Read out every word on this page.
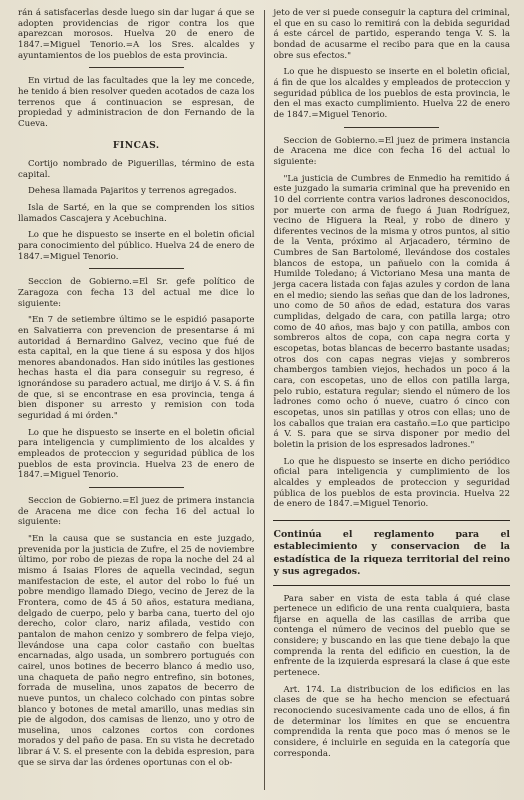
rán á satisfacerlas desde luego sin dar lugar á que se adopten providencias de rigor contra los que aparezcan morosos. Huelva 20 de enero de 1847.=Miguel Tenorio.=A los Sres. alcaldes y ayuntamientos de los pueblos de esta provincia.

En virtud de las facultades que la ley me concede, he tenido á bien resolver queden acotados de caza los terrenos que á continuacion se espresan, de propiedad y administracion de don Fernando de la Cueva.

FINCAS.

Cortijo nombrado de Piguerillas, término de esta capital.

Dehesa llamada Pajaritos y terrenos agregados.

Isla de Sarté, en la que se comprenden los sitios llamados Cascajera y Acebuchina.

Lo que he dispuesto se inserte en el boletin oficial para conocimiento del público. Huelva 24 de enero de 1847.=Miguel Tenorio.

Seccion de Gobierno.=El Sr. gefe político de Zaragoza con fecha 13 del actual me dice lo siguiente:

"En 7 de setiembre último se le espidió pasaporte en Salvatierra con prevencion de presentarse á mi autoridad á Bernardino Galvez, vecino que fué de esta capital, en la que tiene á su esposa y dos hijos menores abandonados. Han sido inútiles las gestiones hechas hasta el dia para conseguir su regreso, é ignorándose su paradero actual, me dirijo á V. S. á fin de que, si se encontrase en esa provincia, tenga á bien disponer su arresto y remision con toda seguridad á mi órden."

Lo que he dispuesto se inserte en el boletin oficial para inteligencia y cumplimiento de los alcaldes y empleados de proteccion y seguridad pública de los pueblos de esta provincia. Huelva 23 de enero de 1847.=Miguel Tenorio.

Seccion de Gobierno.=El juez de primera instancia de Aracena me dice con fecha 16 del actual lo siguiente:

"En la causa que se sustancia en este juzgado, prevenida por la justicia de Zufre, el 25 de noviembre último, por robo de piezas de ropa la noche del 24 al mismo á Isaias Flores de aquella vecindad, segun manifestacion de este, el autor del robo lo fué un pobre mendigo llamado Diego, vecino de Jerez de la Frontera, como de 45 á 50 años, estatura mediana, delgado de cuerpo, pelo y barba cana, tuerto del ojo derecho, color claro, nariz afilada, vestido con pantalon de mahon cenizo y sombrero de felpa viejo, llevándose una capa color castaño con bueltas encarnadas, algo usada, un sombrero portugués con cairel, unos botines de becerro blanco á medio uso, una chaqueta de paño negro entrefino, sin botones, forrada de muselina, unos zapatos de becerro de nueve puntos, un chaleco colchado con pintas sobre blanco y botones de metal amarillo, unas medias sin pie de algodon, dos camisas de lienzo, uno y otro de muselina, unos calzones cortos con cordones morados y del paño de pasa. En su vista he decretado librar á V. S. el presente con la debida espresion, para que se sirva dar las órdenes oportunas con el ob-

jeto de ver si puede conseguir la captura del criminal, el que en su caso lo remitirá con la debida seguridad á este cárcel de partido, esperando tenga V. S. la bondad de acusarme el recibo para que en la causa obre sus efectos."

Lo que he dispuesto se inserte en el boletin oficial, á fin de que los alcaldes y empleados de proteccion y seguridad pública de los pueblos de esta provincia, le den el mas exacto cumplimiento. Huelva 22 de enero de 1847.=Miguel Tenorio.

Seccion de Gobierno.=El juez de primera instancia de Aracena me dice con fecha 16 del actual lo siguiente:

"La justicia de Cumbres de Enmedio ha remitido á este juzgado la sumaria criminal que ha prevenido en 10 del corriente contra varios ladrones desconocidos, por muerte con arma de fuego á Juan Rodríguez, vecino de Higuera la Real, y robo de dinero y diferentes vecinos de la misma y otros puntos, al sitio de la Venta, próximo al Arjacadero, término de Cumbres de San Bartolomé, llevándose dos costales blancos de estopa, un pañuelo con la comida á Humilde Toledano; á Victoriano Mesa una manta de jerga cacera listada con fajas azules y cordon de lana en el medio; siendo las señas que dan de los ladrones, uno como de 50 años de edad, estatura dos varas cumplidas, delgado de cara, con patilla larga; otro como de 40 años, mas bajo y con patilla, ambos con sombreros altos de copa, con capa negra corta y escopetas, botas blancas de becerro bastante usadas; otros dos con capas negras viejas y sombreros chambergos tambien viejos, hechados un poco á la cara, con escopetas, uno de ellos con patilla larga, pelo rubio, estatura regular; siendo el número de los ladrones como ocho ó nueve, cuatro ó cinco con escopetas, unos sin patillas y otros con ellas; uno de los caballos que traian era castaño.=Lo que participo á V. S. para que se sirva disponer por medio del boletin la prision de los espresados ladrones."

Lo que he dispuesto se inserte en dicho periódico oficial para inteligencia y cumplimiento de los alcaldes y empleados de proteccion y seguridad pública de los pueblos de esta provincia. Huelva 22 de enero de 1847.=Miguel Tenorio.

Continúa el reglamento para el establecimiento y conservacion de la estadística de la riqueza territorial del reino y sus agregados.

Para saber en vista de esta tabla á qué clase pertenece un edificio de una renta cualquiera, basta fijarse en aquella de las casillas de arriba que contenga el número de vecinos del pueblo que se considere; y buscando en las que tiene debajo la que comprenda la renta del edificio en cuestion, la de enfrente de la izquierda espresará la clase á que este pertenece.

Art. 174. La distribucion de los edificios en las clases de que se ha hecho mencion se efectuará reconociendo sucesivamente cada uno de ellos, á fin de determinar los límites en que se encuentra comprendida la renta que poco mas ó menos se le considere, é incluirle en seguida en la categoría que corresponda.
